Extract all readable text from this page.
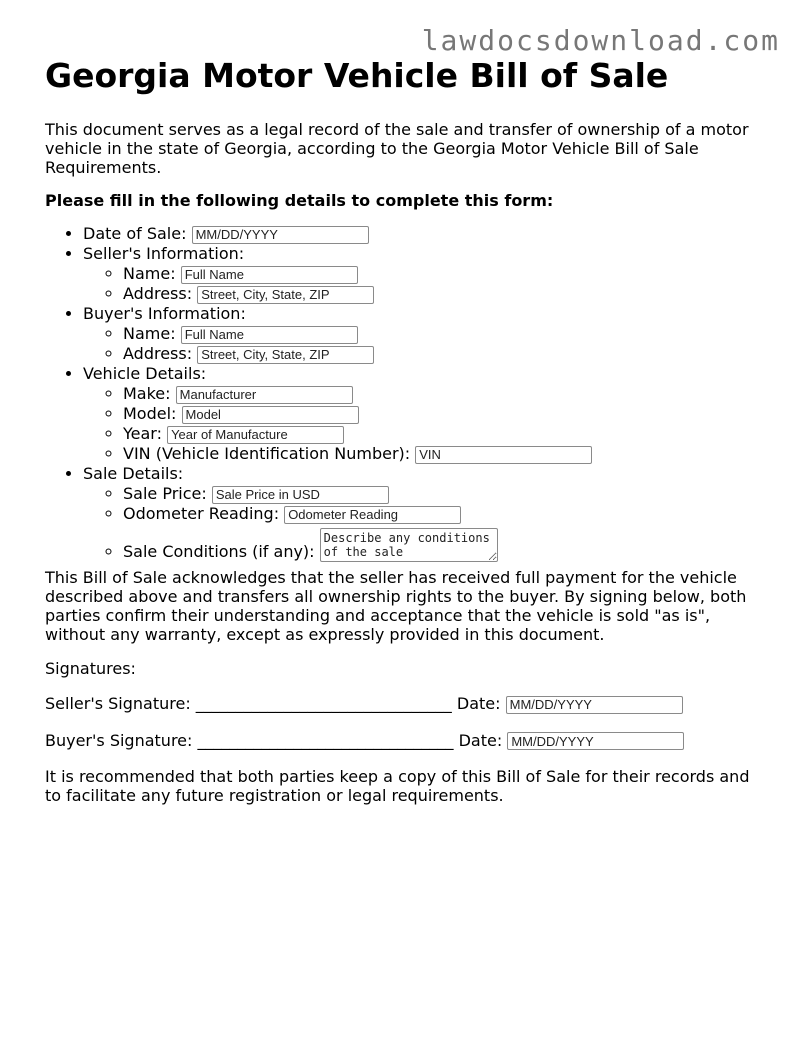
lawdocsdownload.com
Georgia Motor Vehicle Bill of Sale

This document serves as a legal record of the sale and transfer of ownership of a motor vehicle in the state of Georgia, according to the Georgia Motor Vehicle Bill of Sale Requirements.

Please fill in the following details to complete this form:

• Date of Sale: MM/DD/YYYY
• Seller's Information:
◦ Name: Full Name
◦ Address: Street, City, State, ZIP
• Buyer's Information:
◦ Name: Full Name
◦ Address: Street, City, State, ZIP
• Vehicle Details:
◦ Make: Manufacturer
◦ Model: Model
◦ Year: Year of Manufacture
◦ VIN (Vehicle Identification Number): VIN
• Sale Details:
◦ Sale Price: Sale Price in USD
◦ Odometer Reading: Odometer Reading
◦ Sale Conditions (if any): Describe any conditions of the sale

This Bill of Sale acknowledges that the seller has received full payment for the vehicle described above and transfers all ownership rights to the buyer. By signing below, both parties confirm their understanding and acceptance that the vehicle is sold "as is", without any warranty, except as expressly provided in this document.

Signatures:

Seller's Signature: ________________________________ Date: MM/DD/YYYY

Buyer's Signature: ________________________________ Date: MM/DD/YYYY

It is recommended that both parties keep a copy of this Bill of Sale for their records and to facilitate any future registration or legal requirements.
